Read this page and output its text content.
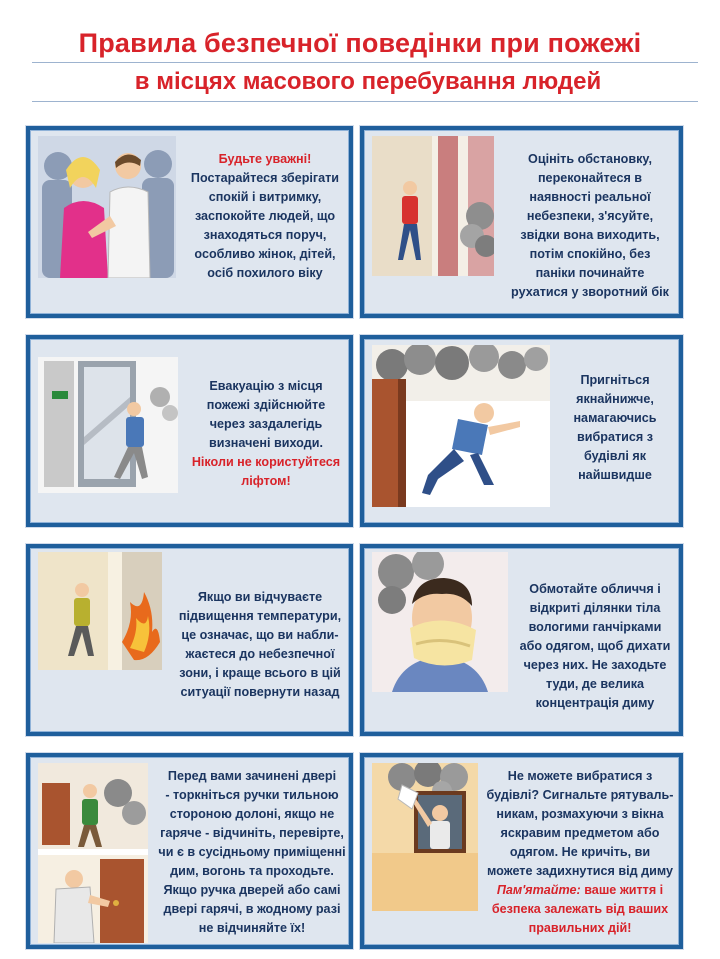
Правила безпечної поведінки при пожежі
в місцях масового перебування людей
Будьте уважні!
Постарайтеся зберігати
спокій і витримку,
заспокойте людей, що
знаходяться поруч,
особливо жінок, дітей,
осіб похилого віку
Оцініть обстановку,
переконайтеся в
наявності реальної
небезпеки, з'ясуйте,
звідки вона виходить,
потім спокійно, без
паніки починайте
рухатися у зворотний бік
Евакуацію з місця
пожежі здійснюйте
через заздалегідь
визначені виходи.
Ніколи не користуйтеся
ліфтом!
Пригніться
якнайнижче,
намагаючись
вибратися з
будівлі як
найшвидше
Якщо ви відчуваєте
підвищення температури,
це означає, що ви набли-
жаєтеся до небезпечної
зони, і краще всього в цій
ситуації повернути назад
Обмотайте обличчя і
відкриті ділянки тіла
вологими ганчірками
або одягом, щоб дихати
через них. Не заходьте
туди, де велика
концентрація диму
Перед вами зачинені двері
- торкніться ручки тильною
стороною долоні, якщо не
гаряче - відчиніть, перевірте,
чи є в сусідньому приміщенні
дим, вогонь та проходьте.
Якщо ручка дверей або самі
двері гарячі, в жодному разі
не відчиняйте їх!
Не можете вибратися з
будівлі? Сигнальте рятуваль-
никам, розмахуючи з вікна
яскравим предметом або
одягом. Не кричіть, ви
можете задихнутися від диму
Пам'ятайте: ваше життя і
безпека залежать від ваших
правильних дій!
